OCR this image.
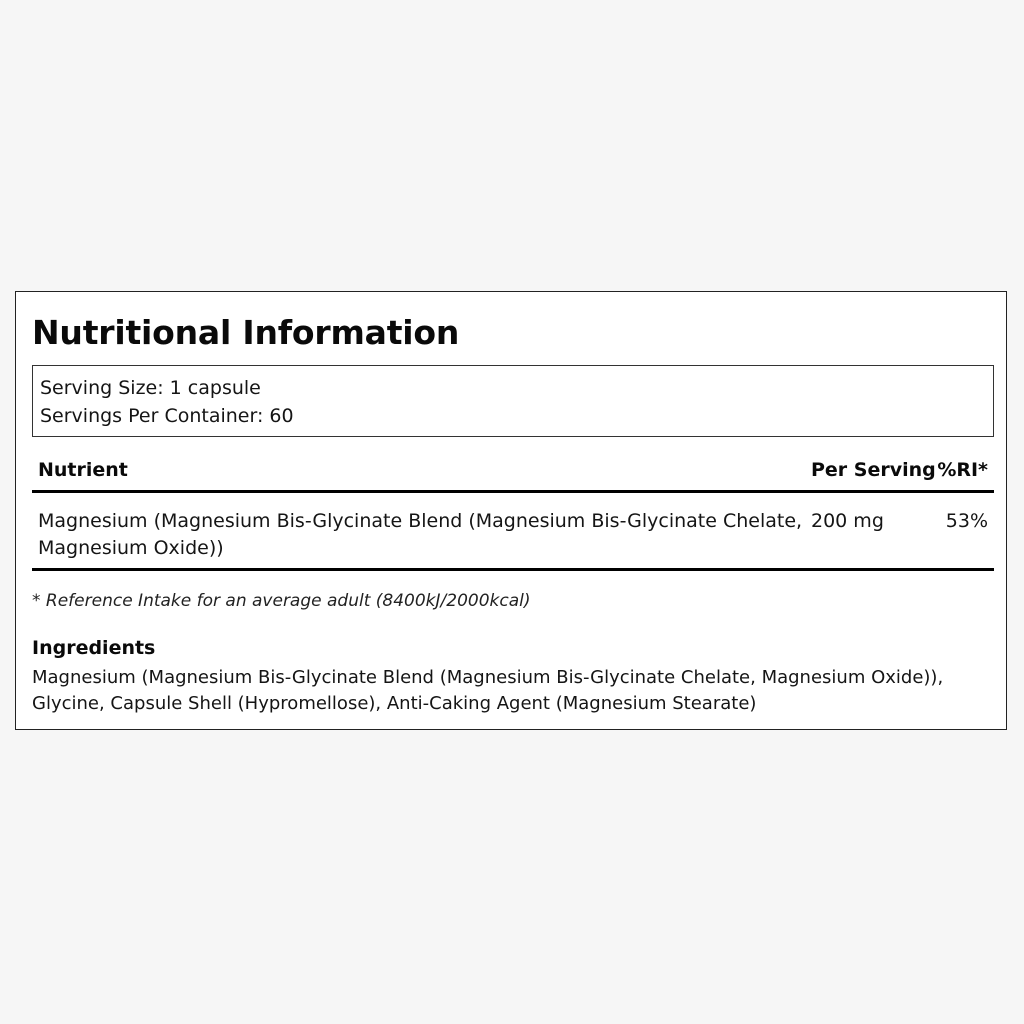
Nutritional Information
Serving Size: 1 capsule
Servings Per Container: 60
Nutrient	Per Serving %RI*
Magnesium (Magnesium Bis-Glycinate Blend (Magnesium Bis-Glycinate Chelate, Magnesium Oxide))
200 mg	53%
* Reference Intake for an average adult (8400kJ/2000kcal)
Ingredients
Magnesium (Magnesium Bis-Glycinate Blend (Magnesium Bis-Glycinate Chelate, Magnesium Oxide)), Glycine, Capsule Shell (Hypromellose), Anti-Caking Agent (Magnesium Stearate)
